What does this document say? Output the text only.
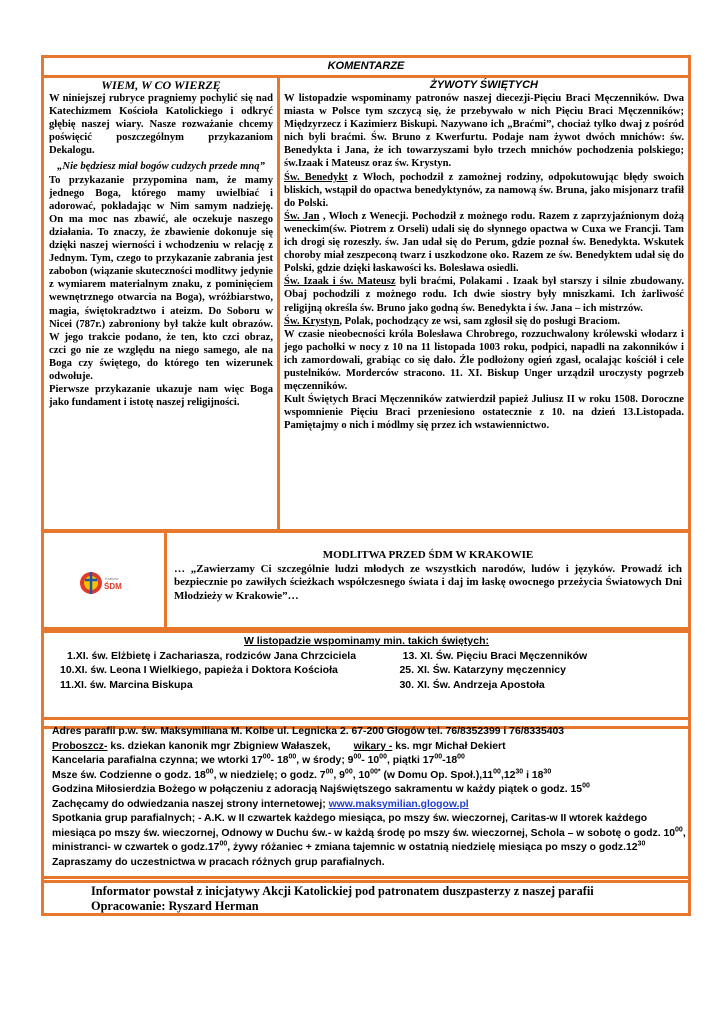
KOMENTARZE
WIEM, W CO WIERZĘ

W niniejszej rubryce pragniemy pochylić się nad Katechizmem Kościoła Katolickiego i odkryć głębię naszej wiary. Nasze rozważanie chcemy poświęcić poszczególnym przykazaniom Dekalogu.

„Nie będziesz miał bogów cudzych przede mną”

To przykazanie przypomina nam, że mamy jednego Boga, którego mamy uwielbiać i adorować, pokładając w Nim samym nadzieję. On ma moc nas zbawić, ale oczekuje naszego działania. To znaczy, że zbawienie dokonuje się dzięki naszej wierności i wchodzeniu w relację z Jednym. Tym, czego to przykazanie zabrania jest zabobon (wiązanie skuteczności modlitwy jedynie z wymiarem materialnym znaku, z pominięciem wewnętrznego otwarcia na Boga), wróżbiarstwo, magia, świętokradztwo i ateizm. Do Soboru w Nicei (787r.) zabroniony był także kult obrazów. W jego trakcie podano, że ten, kto czci obraz, czci go nie ze względu na niego samego, ale na Boga czy świętego, do którego ten wizerunek odwołuje.

Pierwsze przykazanie ukazuje nam więc Boga jako fundament i istotę naszej religijności.

ŻYWOTY ŚWIĘTYCH

W listopadzie wspominamy patronów naszej diecezji-Pięciu Braci Męczenników. Dwa miasta w Polsce tym szczycą się, że przebywało w nich Pięciu Braci Męczenników; Międzyrzecz i Kazimierz Biskupi. Nazywano ich „Braćmi”, chociaż tylko dwaj z pośród nich byli braćmi. Św. Bruno z Kwerfurtu. Podaje nam żywot dwóch mnichów: św. Benedykta i Jana, że ich towarzyszami było trzech mnichów pochodzenia polskiego; św.Izaak i Mateusz oraz św. Krystyn.

Św. Benedykt z Włoch, pochodził z zamożnej rodziny, odpokutowując błędy swoich bliskich, wstąpił do opactwa benedyktynów, za namową św. Bruna, jako misjonarz trafił do Polski.

Św. Jan , Włoch z Wenecji. Pochodził z możnego rodu. Razem z zaprzyjaźnionym dożą weneckim(św. Piotrem z Orseli) udali się do słynnego opactwa w Cuxa we Francji. Tam ich drogi się rozeszły. św. Jan udał się do Perum, gdzie poznał św. Benedykta. Wskutek choroby miał zeszpeconą twarz i uszkodzone oko. Razem ze św. Benedyktem udał się do Polski, gdzie dzięki łaskawości ks. Bolesława osiedli.

Św. Izaak i św. Mateusz byli braćmi, Polakami . Izaak był starszy i silnie zbudowany. Obaj pochodzili z możnego rodu. Ich dwie siostry były mniszkami. Ich żarliwość religijną określa św. Bruno jako godną św. Benedykta i św. Jana – ich mistrzów.

Św. Krystyn, Polak, pochodzący ze wsi, sam zgłosił się do posługi Braciom.

W czasie nieobecności króla Bolesława Chrobrego, rozzuchwalony królewski włodarz i jego pachołki w nocy z 10 na 11 listopada 1003 roku, podpici, napadli na zakonników i ich zamordowali, grabiąc co się dało. Źle podłożony ogień zgasł, ocalając kościół i cele pustelników. Morderców stracono. 11. XI. Biskup Unger urządził uroczysty pogrzeb męczenników.

Kult Świętych Braci Męczenników zatwierdził papież Juliusz II w roku 1508. Doroczne wspomnienie Pięciu Braci przeniesiono ostatecznie z 10. na dzień 13.Listopada. Pamiętajmy o nich i módlmy się przez ich wstawiennictwo.

Kraków
ŚDM
MODLITWA PRZED ŚDM W KRAKOWIE

… „Zawierzamy Ci szczególnie ludzi młodych ze wszystkich narodów, ludów i języków. Prowadź ich bezpiecznie po zawiłych ścieżkach współczesnego świata i daj im łaskę owocnego przeżycia Światowych Dni Młodzieży w Krakowie”…

W listopadzie wspominamy min. takich świętych:
1.XI. św. Elżbietę i Zachariasza, rodziców Jana Chrzciciela	13. XI. Św. Pięciu Braci Męczenników
10.XI. św. Leona I Wielkiego, papieża i Doktora Kościoła	25. XI. Św. Katarzyny męczennicy
11.XI. św. Marcina Biskupa	30. XI. Św. Andrzeja Apostoła

Adres parafii p.w. św. Maksymiliana M. Kolbe ul. Legnicka 2. 67-200 Głogów tel. 76/8352399 i 76/8335403

Proboszcz- ks. dziekan kanonik mgr Zbigniew Wałaszek, wikary - ks. mgr Michał Dekiert

Kancelaria parafialna czynna; we wtorki $17^{00}-$ $18^{00}$, w środy; $9^{00}-$ $10^{00}$, piątki $17^{00}-18^{00}$

Msze św. Codzienne o godz. $18^{00}$, w niedzielę; o godz. $7^{00}$, $9^{00}$, $10^{00*}$ (w Domu Op. $Społ.),11^{00},12^{30}$ i $18^{30}$

Godzina Miłosierdzia Bożego w połączeniu z adoracją Najświętszego sakramentu w każdy piątek o godz. $15^{00}$

Zachęcamy do odwiedzania naszej strony internetowej; www.maksymilian.glogow.pl

Spotkania grup parafialnych; - A.K. w II czwartek każdego miesiąca, po mszy św. wieczornej, Caritas-w II wtorek każdego miesiąca po mszy św. wieczornej, Odnowy w Duchu św.- w każdą środę po mszy św. wieczornej, Schola – w sobotę o godz. $10^{00}$, ministranci- w czwartek o $godz.17^{00}$, żywy różaniec + zmiana tajemnic w ostatnią niedzielę miesiąca po mszy o $godz.12^{30}$

Zapraszamy do uczestnictwa w pracach różnych grup parafialnych.

Informator powstał z inicjatywy Akcji Katolickiej pod patronatem duszpasterzy z naszej parafii
Opracowanie: Ryszard Herman
